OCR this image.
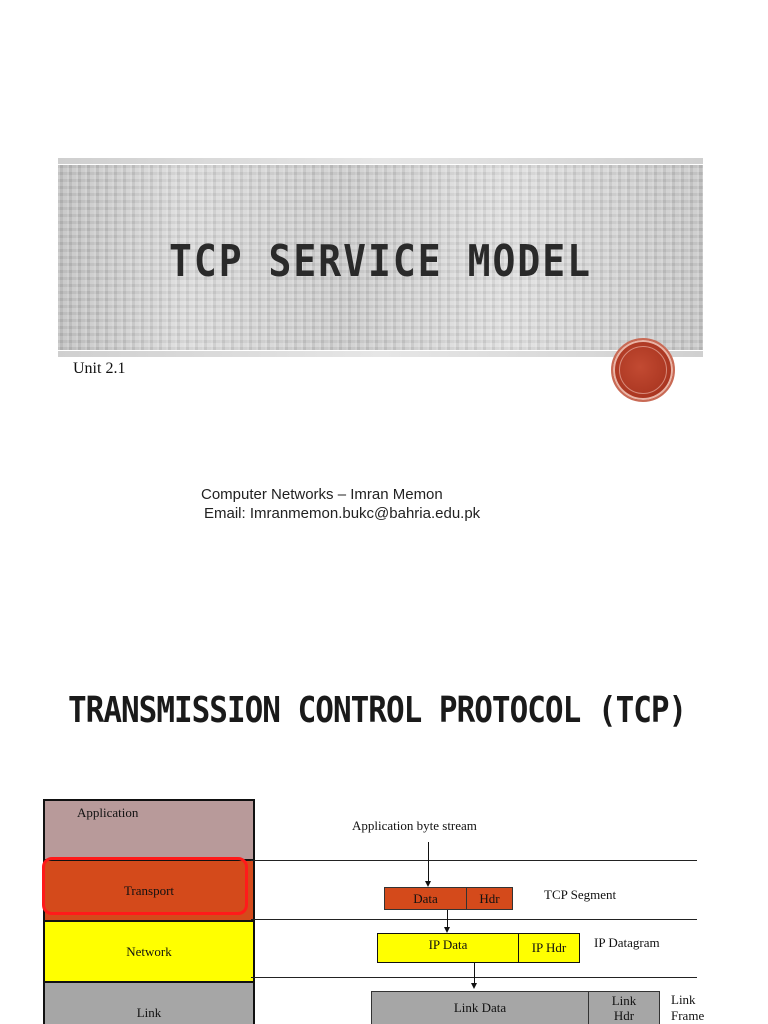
TCP SERVICE MODEL
Unit 2.1
Computer Networks – Imran Memon
Email: Imranmemon.bukc@bahria.edu.pk
TRANSMISSION CONTROL PROTOCOL (TCP)
Application
Transport
Network
Link
Application byte stream
Data	Hdr	TCP Segment
IP Data	IP Hdr	IP Datagram
Link Data	Link
Hdr
Link
Frame
